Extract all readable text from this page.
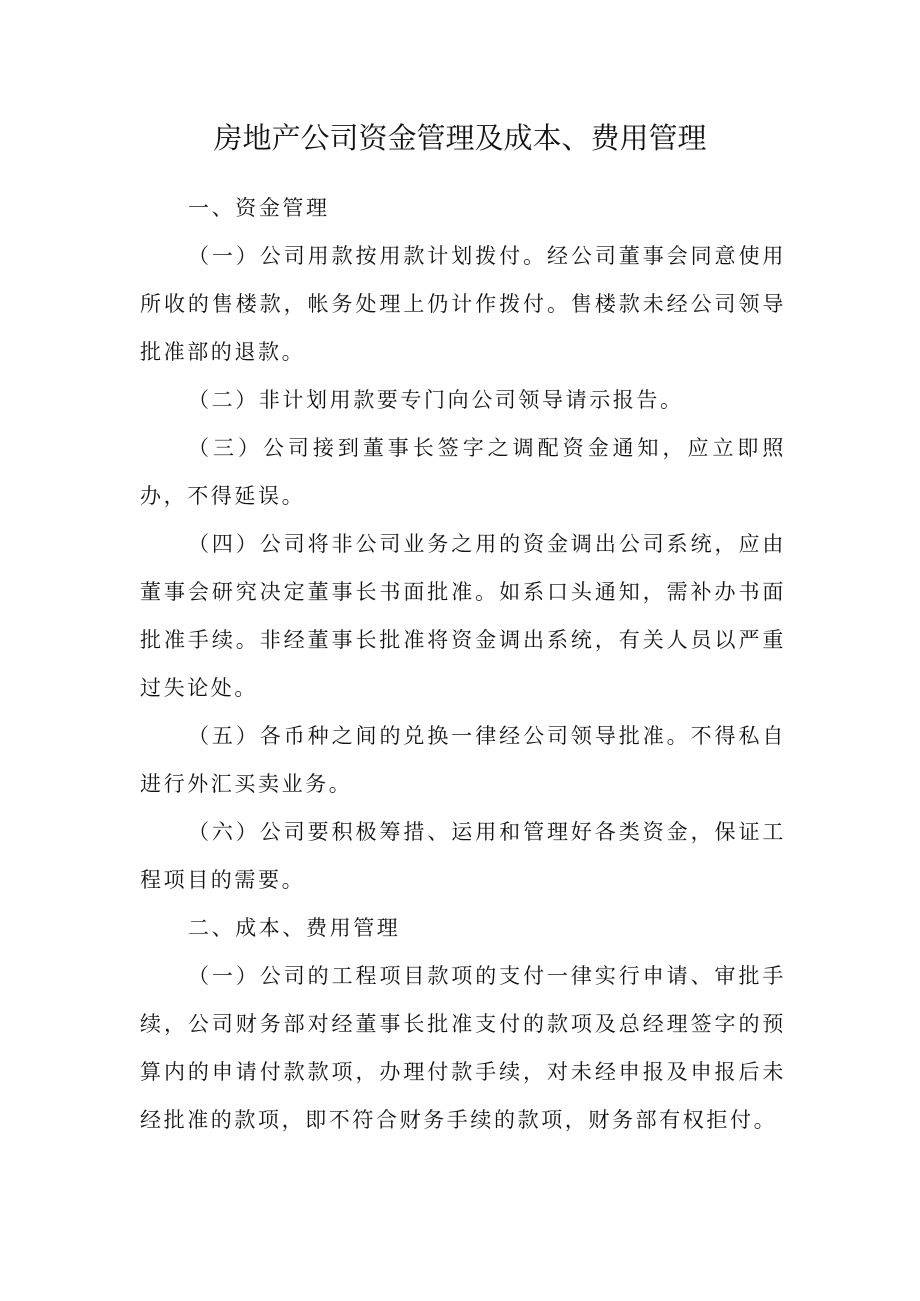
房地产公司资金管理及成本、费用管理

一、资金管理

（一）公司用款按用款计划拨付。经公司董事会同意使用所收的售楼款，帐务处理上仍计作拨付。售楼款未经公司领导批准部的退款。

（二）非计划用款要专门向公司领导请示报告。

（三）公司接到董事长签字之调配资金通知，应立即照办，不得延误。

（四）公司将非公司业务之用的资金调出公司系统，应由董事会研究决定董事长书面批准。如系口头通知，需补办书面批准手续。非经董事长批准将资金调出系统，有关人员以严重过失论处。

（五）各币种之间的兑换一律经公司领导批准。不得私自进行外汇买卖业务。

（六）公司要积极筹措、运用和管理好各类资金，保证工程项目的需要。

二、成本、费用管理

（一）公司的工程项目款项的支付一律实行申请、审批手续，公司财务部对经董事长批准支付的款项及总经理签字的预算内的申请付款款项，办理付款手续，对未经申报及申报后未经批准的款项，即不符合财务手续的款项，财务部有权拒付。
